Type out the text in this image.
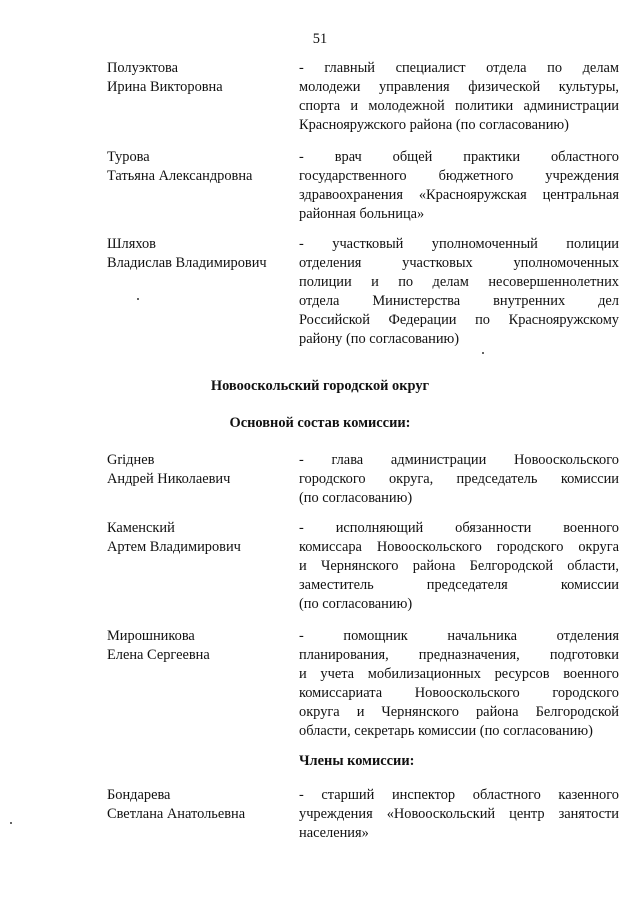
51
Полуэктова
Ирина Викторовна
- главный специалист отдела по делам
молодежи управления физической культуры,
спорта и молодежной политики администрации
Краснояружского района (по согласованию)
Турова
Татьяна Александровна
- врач общей практики областного
государственного бюджетного учреждения
здравоохранения «Краснояружская центральная
районная больница»
Шляхов
Владислав Владимирович
- участковый уполномоченный полиции
отделения участковых уполномоченных
полиции и по делам несовершеннолетних
отдела Министерства внутренних дел
Российской Федерации по Краснояружскому
району (по согласованию)
Новооскольский городской округ
Основной состав комиссии:
Griднев
Андрей Николаевич
- глава администрации Новооскольского
городского округа, председатель комиссии
(по согласованию)
Каменский
Артем Владимирович
- исполняющий обязанности военного
комиссара Новооскольского городского округа
и Чернянского района Белгородской области,
заместитель председателя комиссии
(по согласованию)
Мирошникова
Елена Сергеевна
- помощник начальника отделения
планирования, предназначения, подготовки
и учета мобилизационных ресурсов военного
комиссариата Новооскольского городского
округа и Чернянского района Белгородской
области, секретарь комиссии (по согласованию)
Члены комиссии:
Бондарева
Светлана Анатольевна
- старший инспектор областного казенного
учреждения «Новооскольский центр занятости
населения»
